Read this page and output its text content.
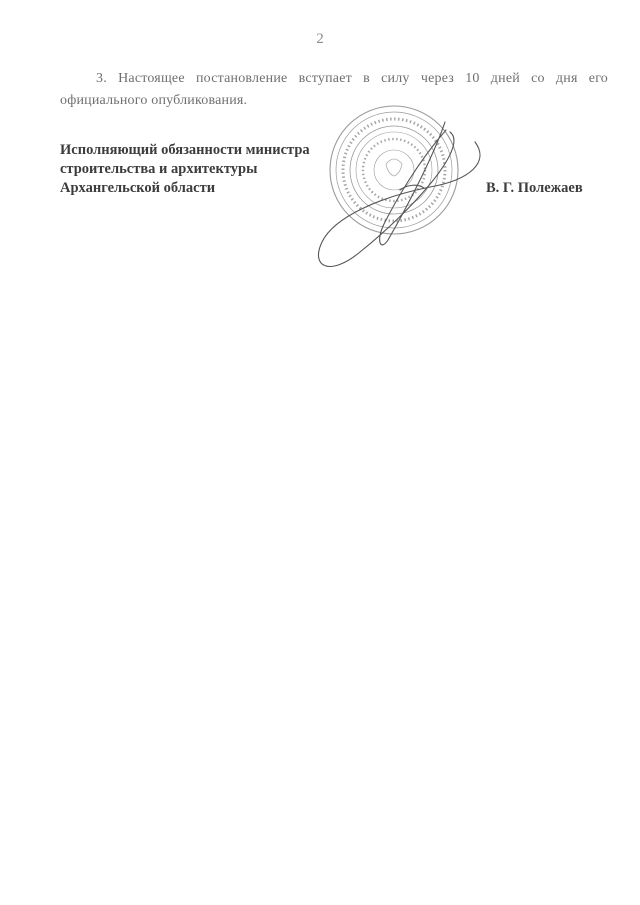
2

3. Настоящее постановление вступает в силу через 10 дней со дня его официального опубликования.

Исполняющий обязанности министра
строительства и архитектуры
Архангельской области	В. Г. Полежаев
